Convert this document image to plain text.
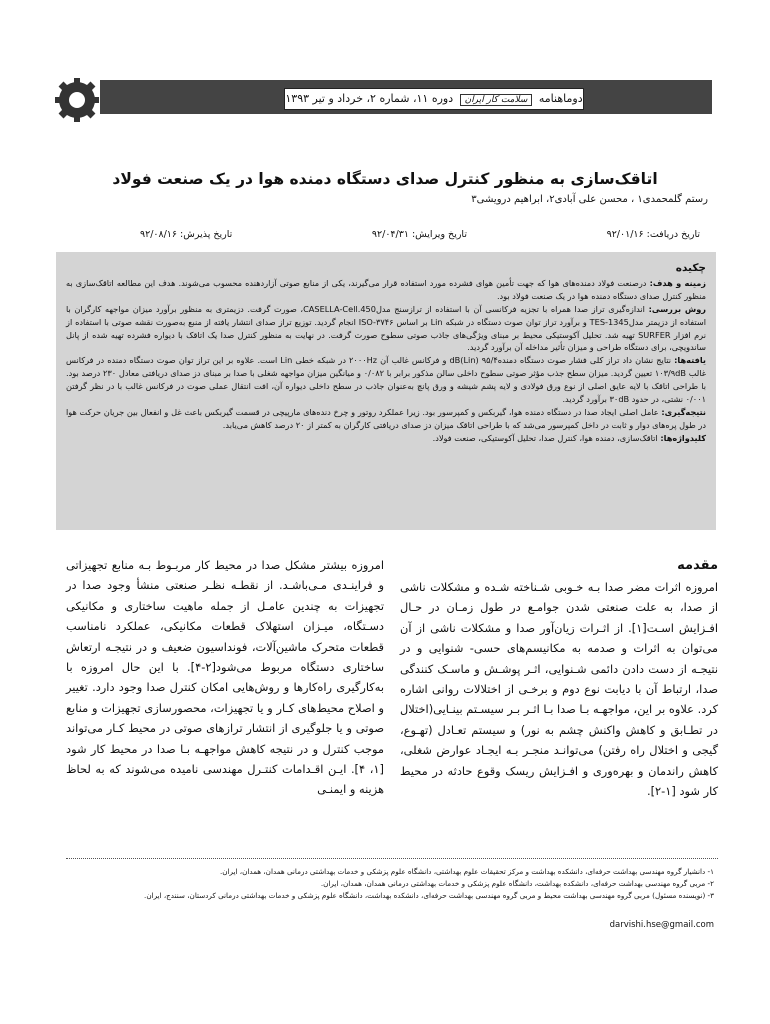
دوماهنامه سلامت کار ایران دوره ۱۱، شماره ۲، خرداد و تیر ۱۳۹۳
اتاقک‌سازی به منظور کنترل صدای دستگاه دمنده هوا در یک صنعت فولاد
رستم گلمحمدی۱ ، محسن علی آبادی۲، ابراهیم درویشی۳
تاریخ دریافت: ۹۲/۰۱/۱۶
تاریخ ویرایش: ۹۲/۰۴/۳۱
تاریخ پذیرش: ۹۲/۰۸/۱۶
چکیده

زمینه و هدف: درصنعت فولاد دمنده‌های هوا که جهت تأمین هوای فشرده مورد استفاده قرار می‌گیرند، یکی از منابع صوتی آزاردهنده محسوب می‌شوند. هدف این مطالعه اتاقک‌سازی به منظور کنترل صدای دستگاه دمنده هوا در یک صنعت فولاد بود.

روش بررسی: اندازه‌گیری تراز صدا همراه با تجزیه فرکانسی آن با استفاده از ترازسنج مدلCASELLA-Cell.450، صورت گرفت. دزیمتری به منظور برآورد میزان مواجهه کارگران با استفاده از دزیمتر مدلTES-1345 و برآورد تراز توان صوت دستگاه در شبکه Lin بر اساس ISO-۳۷۴۶ انجام گردید. توزیع تراز صدای انتشار یافته از منبع به‌صورت نقشه صوتی با استفاده از نرم افزار SURFER تهیه شد. تحلیل آکوستیکی محیط بر مبنای ویژگی‌های جاذب صوتی سطوح صورت گرفت. در نهایت به منظور کنترل صدا یک اتاقک با دیواره فشرده تهیه شده از پانل ساندویچی، برای دستگاه طراحی و میزان تأثیر مداخله آن برآورد گردید.

یافته‌ها: نتایج نشان داد تراز کلی فشار صوت دستگاه دمنده۹۵/۴ dB(Lin) و فرکانس غالب آن ۲۰۰۰Hz در شبکه خطی Lin است. علاوه بر این تراز توان صوت دستگاه دمنده در فرکانس غالب ۱۰۳/۹dB تعیین گردید. میزان سطح جذب مؤثر صوتی سطوح داخلی سالن مذکور برابر با ۰/۰۸۲ و میانگین میزان مواجهه شغلی با صدا بر مبنای دز صدای دریافتی معادل ۲۳۰ درصد بود. با طراحی اتاقک با لایه عایق اصلی از نوع ورق فولادی و لایه پشم شیشه و ورق پانچ به‌عنوان جاذب در سطح داخلی دیواره آن، افت انتقال عملی صوت در فرکانس غالب با در نظر گرفتن ۰/۰۰۱ نشتی، در حدود ۳۰dB برآورد گردید.

نتیجه‌گیری: عامل اصلی ایجاد صدا در دستگاه دمنده هوا، گیربکس و کمپرسور بود. زیرا عملکرد روتور و چرخ دنده‌های مارپیچی در قسمت گیربکس باعث غل و انفعال بین جریان حرکت هوا در طول پره‌های دوار و ثابت در داخل کمپرسور می‌شد که با طراحی اتاقک میزان دز صدای دریافتی کارگران به کمتر از ۲۰ درصد کاهش می‌یابد.

کلیدواژه‌ها: اتاقک‌سازی، دمنده هوا، کنترل صدا، تحلیل آکوستیکی، صنعت فولاد.

مقدمه
امروزه اثرات مضر صدا بـه خـوبی شـناخته شـده و مشکلات ناشی از صدا، به علت صنعتی شدن جوامـع در طول زمـان در حـال افـزایش اسـت[۱]. از اثـرات زیان‌آور صدا و مشکلات ناشی از آن می‌توان به اثرات و صدمه به مکانیسم‌های حسی- شنوایی و در نتیجـه از دست دادن دائمی شـنوایی، اثـر پوشـش و ماسـک کنندگی صدا، ارتباط آن با دیابت نوع دوم و برخـی از اختلالات روانی اشاره کرد. علاوه بر این، مواجهـه بـا صدا بـا اثـر بـر سیسـتم بینـایی(اختلال در تطـابق و کاهش واکنش چشم به نور) و سیستم تعـادل (تهـوع، گیجی و اختلال راه رفتن) می‌توانـد منجـر بـه ایجـاد عوارض شغلی، کاهش راندمان و بهره‌وری و افـزایش ریسک وقوع حادثه در محیط کار شود [۱-۲].
امروزه بیشتر مشکل صدا در محیط کار مربـوط بـه منابع تجهیزاتی و فراینـدی مـی‌باشـد. از نقطـه نظـر صنعتی منشأ وجود صدا در تجهیزات به چندین عامـل از جمله ماهیت ساختاری و مکانیکی دسـتگاه، میـزان استهلاک قطعات مکانیکی، عملکرد نامناسب قطعات متحرک ماشین‌آلات، فونداسیون ضعیف و در نتیجـه ارتعاش ساختاری دستگاه مربوط می‌شود[۲-۴]. با این حال امروزه با به‌کارگیری راه‌کارها و روش‌هایی امکان کنترل صدا وجود دارد. تغییر و اصلاح محیط‌های کـار و یا تجهیزات، محصورسازی تجهیزات و منابع صوتی و یا جلوگیری از انتشار ترازهای صوتی در محیط کـار می‌تواند موجب کنترل و در نتیجه کاهش مواجهـه بـا صدا در محیط کار شود [۱، ۴]. ایـن اقـدامات کنتـرل مهندسی نامیده می‌شوند که به لحاظ هزینه و ایمنـی
۱- دانشیار گروه مهندسی بهداشت حرفه‌ای، دانشکده بهداشت و مرکز تحقیقات علوم بهداشتی، دانشگاه علوم پزشکی و خدمات بهداشتی درمانی همدان، همدان، ایران.
۲- مربی گروه مهندسی بهداشت حرفه‌ای، دانشکده بهداشت، دانشگاه علوم پزشکی و خدمات بهداشتی درمانی همدان، همدان، ایران.
۳- (نویسنده مسئول) مربی گروه مهندسی بهداشت محیط و مربی گروه مهندسی بهداشت حرفه‌ای، دانشکده بهداشت، دانشگاه علوم پزشکی و خدمات بهداشتی درمانی کردستان، سنندج، ایران.
darvishi.hse@gmail.com
